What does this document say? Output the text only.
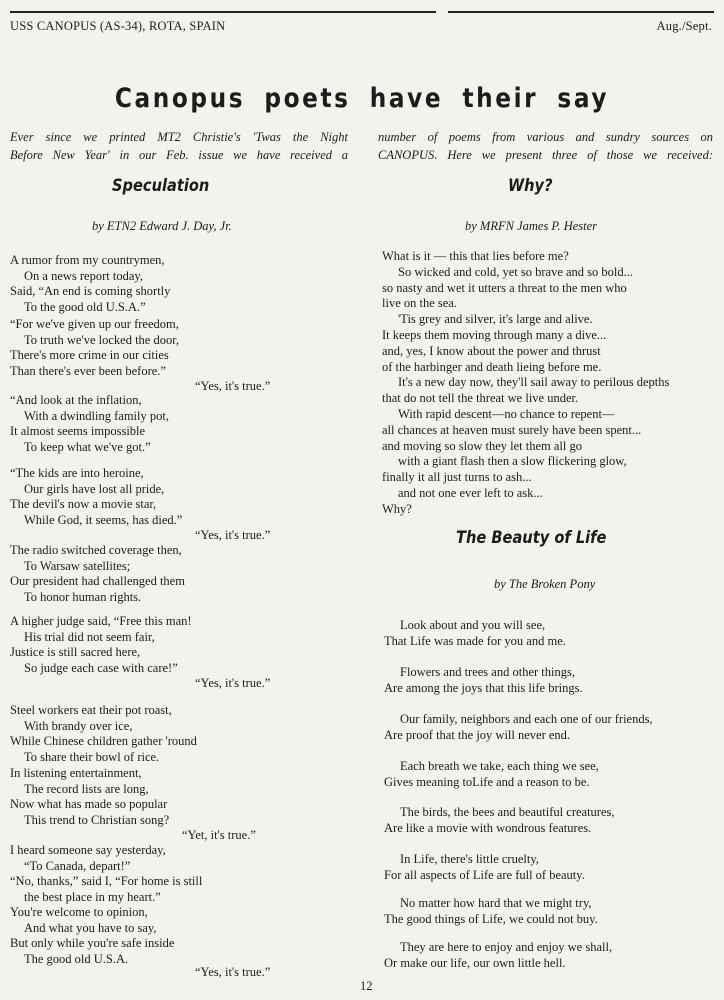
USS CANOPUS (AS-34), ROTA, SPAIN	Aug./Sept.
Canopus poets have their say
Ever since we printed MT2 Christie's 'Twas the Night
Before New Year' in our Feb. issue we have received a
number of poems from various and sundry sources on
CANOPUS. Here we present three of those we received:
Speculation

by ETN2 Edward J. Day, Jr.

A rumor from my countrymen,

On a news report today,

Said, “An end is coming shortly

To the good old U.S.A.”

“For we've given up our freedom,

To truth we've locked the door,

There's more crime in our cities

Than there's ever been before.”

“Yes, it's true.”

“And look at the inflation,

With a dwindling family pot,

It almost seems impossible

To keep what we've got.”

“The kids are into heroine,

Our girls have lost all pride,

The devil's now a movie star,

While God, it seems, has died.”

“Yes, it's true.”

The radio switched coverage then,

To Warsaw satellites;

Our president had challenged them

To honor human rights.

A higher judge said, “Free this man!

His trial did not seem fair,

Justice is still sacred here,

So judge each case with care!”

“Yes, it's true.”

Steel workers eat their pot roast,

With brandy over ice,

While Chinese children gather 'round

To share their bowl of rice.

In listening entertainment,

The record lists are long,

Now what has made so popular

This trend to Christian song?

“Yet, it's true.”

I heard someone say yesterday,

“To Canada, depart!”

“No, thanks,” said I, “For home is still

the best place in my heart.”

You're welcome to opinion,

And what you have to say,

But only while you're safe inside

The good old U.S.A.

“Yes, it's true.”

Why?

by MRFN James P. Hester

What is it — this that lies before me?

So wicked and cold, yet so brave and so bold...

so nasty and wet it utters a threat to the men who

live on the sea.

'Tis grey and silver, it's large and alive.

It keeps them moving through many a dive...

and, yes, I know about the power and thrust

of the harbinger and death lieing before me.

It's a new day now, they'll sail away to perilous depths

that do not tell the threat we live under.

With rapid descent—no chance to repent—

all chances at heaven must surely have been spent...

and moving so slow they let them all go

with a giant flash then a slow flickering glow,

finally it all just turns to ash...

and not one ever left to ask...

Why?

The Beauty of Life

by The Broken Pony

Look about and you will see,

That Life was made for you and me.

Flowers and trees and other things,

Are among the joys that this life brings.

Our family, neighbors and each one of our friends,

Are proof that the joy will never end.

Each breath we take, each thing we see,

Gives meaning toLife and a reason to be.

The birds, the bees and beautiful creatures,

Are like a movie with wondrous features.

In Life, there's little cruelty,

For all aspects of Life are full of beauty.

No matter how hard that we might try,

The good things of Life, we could not buy.

They are here to enjoy and enjoy we shall,

Or make our life, our own little hell.

12
